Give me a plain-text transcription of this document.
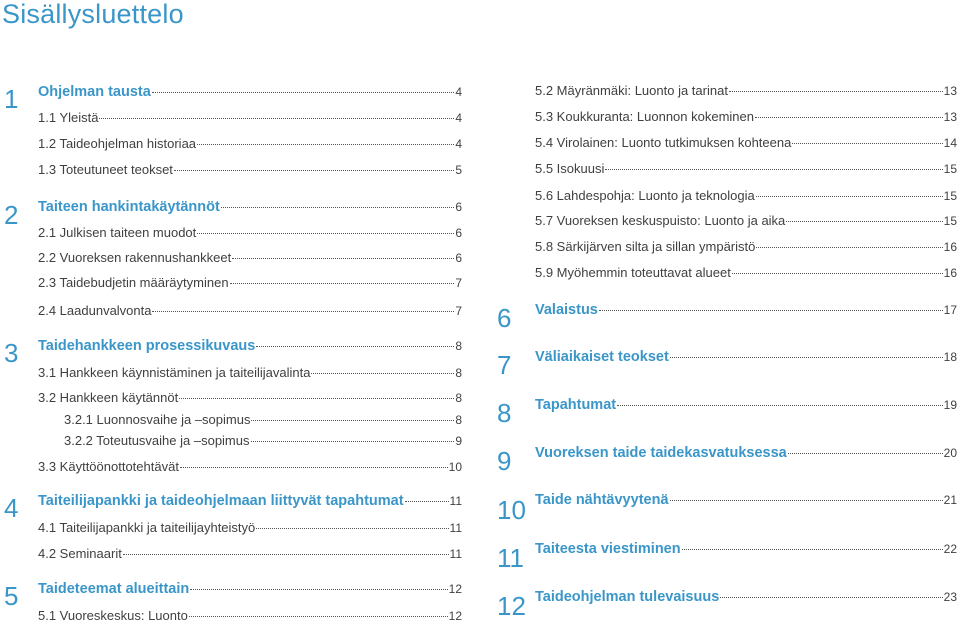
Sisällysluettelo
1 Ohjelman tausta	4
1.1 Yleistä	4
1.2 Taideohjelman historiaa	4
1.3 Toteutuneet teokset	5
2 Taiteen hankintakäytännöt	6
2.1 Julkisen taiteen muodot	6
2.2 Vuoreksen rakennushankkeet	6
2.3 Taidebudjetin määräytyminen	7
2.4 Laadunvalvonta	7
3 Taidehankkeen prosessikuvaus	8
3.1 Hankkeen käynnistäminen ja taiteilijavalinta	8
3.2 Hankkeen käytännöt	8
3.2.1 Luonnosvaihe ja –sopimus	8
3.2.2 Toteutusvaihe ja –sopimus	9
3.3 Käyttöönottotehtävät	10
4 Taiteilijapankki ja taideohjelmaan liittyvät tapahtumat	11
4.1 Taiteilijapankki ja taiteilijayhteistyö	11
4.2 Seminaarit	11
5 Taideteemat alueittain	12
5.1 Vuoreskeskus: Luonto	12
5.2 Mäyränmäki: Luonto ja tarinat	13
5.3 Koukkuranta: Luonnon kokeminen	13
5.4 Virolainen: Luonto tutkimuksen kohteena	14
5.5 Isokuusi	15
5.6 Lahdespohja: Luonto ja teknologia	15
5.7 Vuoreksen keskuspuisto: Luonto ja aika	15
5.8 Särkijärven silta ja sillan ympäristö	16
5.9 Myöhemmin toteuttavat alueet	16
6 Valaistus	17
7 Väliaikaiset teokset	18
8 Tapahtumat	19
9 Vuoreksen taide taidekasvatuksessa	20
10 Taide nähtävyytenä	21
11 Taiteesta viestiminen	22
12 Taideohjelman tulevaisuus	23
